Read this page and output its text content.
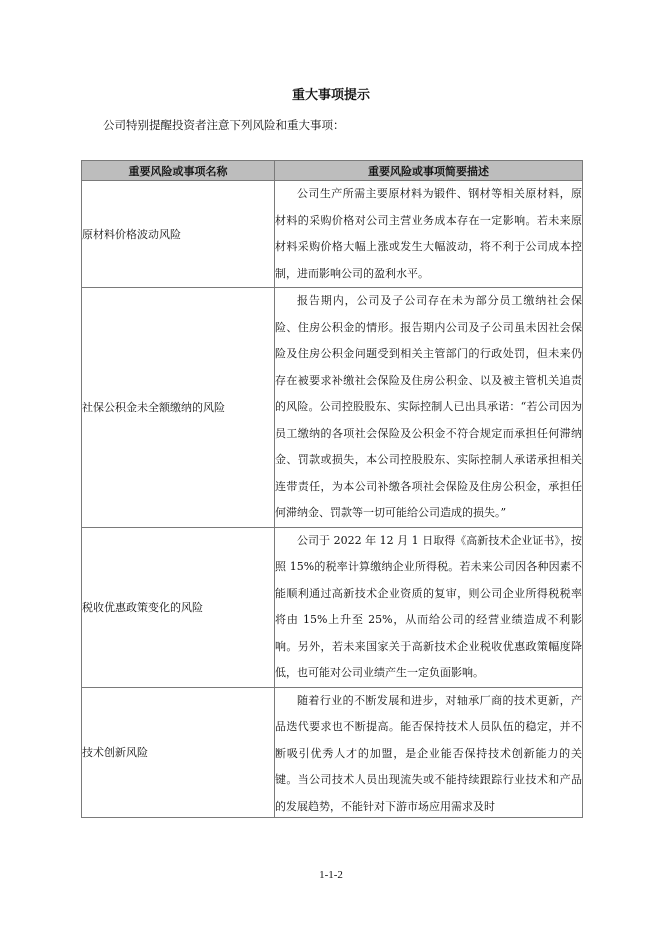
重大事项提示
公司特别提醒投资者注意下列风险和重大事项：
重要风险或事项名称	重要风险或事项简要描述
原材料价格波动风险	公司生产所需主要原材料为锻件、钢材等相关原材料，原材料的采购价格对公司主营业务成本存在一定影响。若未来原材料采购价格大幅上涨或发生大幅波动，将不利于公司成本控制，进而影响公司的盈利水平。

社保公积金未全额缴纳的风险	报告期内，公司及子公司存在未为部分员工缴纳社会保险、住房公积金的情形。报告期内公司及子公司虽未因社会保险及住房公积金问题受到相关主管部门的行政处罚，但未来仍存在被要求补缴社会保险及住房公积金、以及被主管机关追责的风险。公司控股股东、实际控制人已出具承诺：“若公司因为员工缴纳的各项社会保险及公积金不符合规定而承担任何滞纳金、罚款或损失，本公司控股股东、实际控制人承诺承担相关连带责任，为本公司补缴各项社会保险及住房公积金，承担任何滞纳金、罚款等一切可能给公司造成的损失。”

税收优惠政策变化的风险	公司于 2022 年 12 月 1 日取得《高新技术企业证书》，按照 15%的税率计算缴纳企业所得税。若未来公司因各种因素不能顺利通过高新技术企业资质的复审，则公司企业所得税税率将由 15%上升至 25%，从而给公司的经营业绩造成不利影响。另外，若未来国家关于高新技术企业税收优惠政策幅度降低，也可能对公司业绩产生一定负面影响。

技术创新风险	随着行业的不断发展和进步，对轴承厂商的技术更新，产品迭代要求也不断提高。能否保持技术人员队伍的稳定，并不断吸引优秀人才的加盟，是企业能否保持技术创新能力的关键。当公司技术人员出现流失或不能持续跟踪行业技术和产品的发展趋势，不能针对下游市场应用需求及时

1-1-2
